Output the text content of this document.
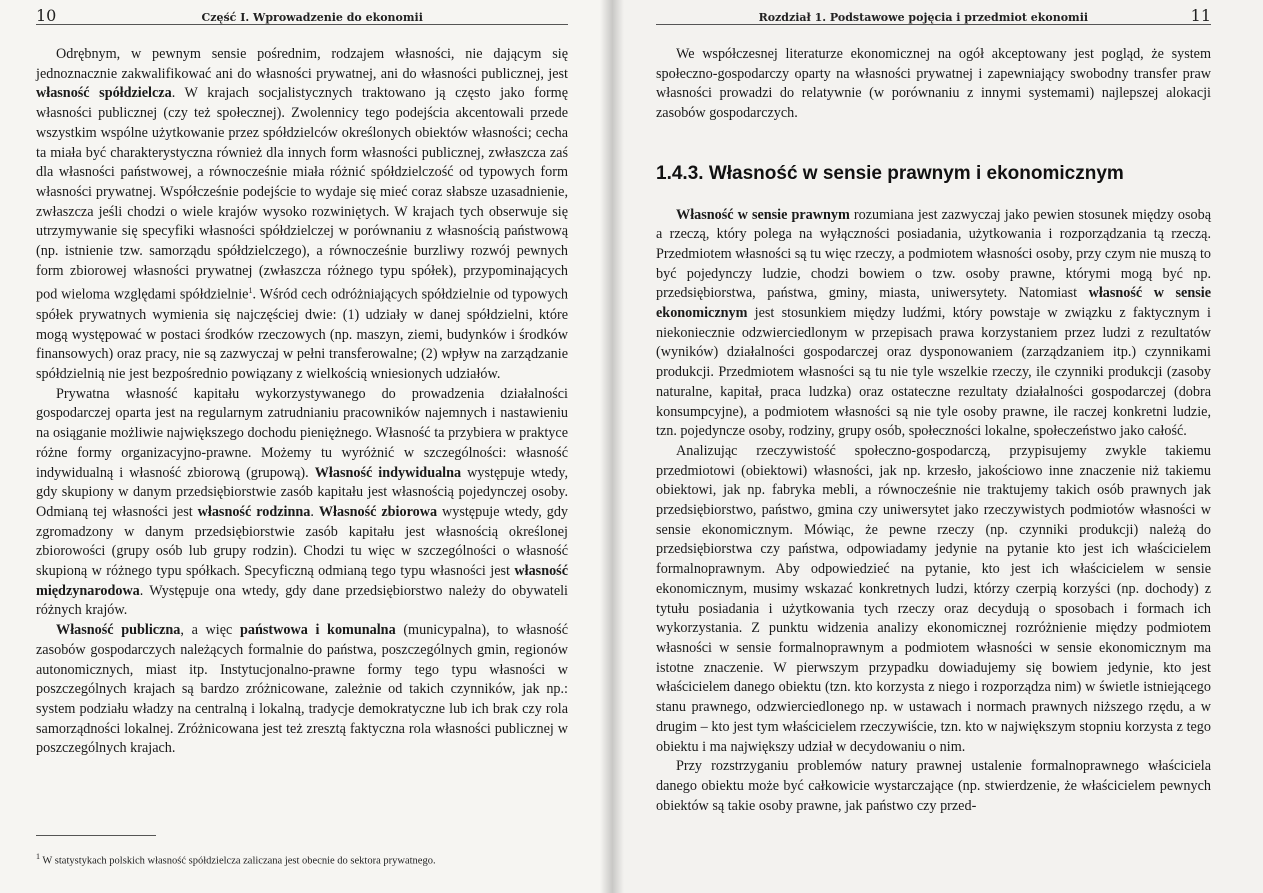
10	Część I. Wprowadzenie do ekonomii

Odrębnym, w pewnym sensie pośrednim, rodzajem własności, nie dającym się jednoznacznie zakwalifikować ani do własności prywatnej, ani do własności publicznej, jest własność spółdzielcza. W krajach socjalistycznych traktowano ją często jako formę własności publicznej (czy też społecznej). Zwolennicy tego podejścia akcentowali przede wszystkim wspólne użytkowanie przez spółdzielców określonych obiektów własności; cecha ta miała być charakterystyczna również dla innych form własności publicznej, zwłaszcza zaś dla własności państwowej, a równocześnie miała różnić spółdzielczość od typowych form własności prywatnej. Współcześnie podejście to wydaje się mieć coraz słabsze uzasadnienie, zwłaszcza jeśli chodzi o wiele krajów wysoko rozwiniętych. W krajach tych obserwuje się utrzymywanie się specyfiki własności spółdzielczej w porównaniu z własnością państwową (np. istnienie tzw. samorządu spółdzielczego), a równocześnie burzliwy rozwój pewnych form zbiorowej własności prywatnej (zwłaszcza różnego typu spółek), przypominających pod wieloma względami spółdzielnie$^1$. Wśród cech odróżniających spółdzielnie od typowych spółek prywatnych wymienia się najczęściej dwie: (1) udziały w danej spółdzielni, które mogą występować w postaci środków rzeczowych (np. maszyn, ziemi, budynków i środków finansowych) oraz pracy, nie są zazwyczaj w pełni transferowalne; (2) wpływ na zarządzanie spółdzielnią nie jest bezpośrednio powiązany z wielkością wniesionych udziałów.

Prywatna własność kapitału wykorzystywanego do prowadzenia działalności gospodarczej oparta jest na regularnym zatrudnianiu pracowników najemnych i nastawieniu na osiąganie możliwie największego dochodu pieniężnego. Własność ta przybiera w praktyce różne formy organizacyjno-prawne. Możemy tu wyróżnić w szczególności: własność indywidualną i własność zbiorową (grupową). Własność indywidualna występuje wtedy, gdy skupiony w danym przedsiębiorstwie zasób kapitału jest własnością pojedynczej osoby. Odmianą tej własności jest własność rodzinna. Własność zbiorowa występuje wtedy, gdy zgromadzony w danym przedsiębiorstwie zasób kapitału jest własnością określonej zbiorowości (grupy osób lub grupy rodzin). Chodzi tu więc w szczególności o własność skupioną w różnego typu spółkach. Specyficzną odmianą tego typu własności jest własność międzynarodowa. Występuje ona wtedy, gdy dane przedsiębiorstwo należy do obywateli różnych krajów.

Własność publiczna, a więc państwowa i komunalna (municypalna), to własność zasobów gospodarczych należących formalnie do państwa, poszczególnych gmin, regionów autonomicznych, miast itp. Instytucjonalno-prawne formy tego typu własności w poszczególnych krajach są bardzo zróżnicowane, zależnie od takich czynników, jak np.: system podziału władzy na centralną i lokalną, tradycje demokratyczne lub ich brak czy rola samorządności lokalnej. Zróżnicowana jest też zresztą faktyczna rola własności publicznej w poszczególnych krajach.

$^1$ W statystykach polskich własność spółdzielcza zaliczana jest obecnie do sektora prywatnego.
Rozdział 1. Podstawowe pojęcia i przedmiot ekonomii	11

We współczesnej literaturze ekonomicznej na ogół akceptowany jest pogląd, że system społeczno-gospodarczy oparty na własności prywatnej i zapewniający swobodny transfer praw własności prowadzi do relatywnie (w porównaniu z innymi systemami) najlepszej alokacji zasobów gospodarczych.

1.4.3. Własność w sensie prawnym i ekonomicznym

Własność w sensie prawnym rozumiana jest zazwyczaj jako pewien stosunek między osobą a rzeczą, który polega na wyłączności posiadania, użytkowania i rozporządzania tą rzeczą. Przedmiotem własności są tu więc rzeczy, a podmiotem własności osoby, przy czym nie muszą to być pojedynczy ludzie, chodzi bowiem o tzw. osoby prawne, którymi mogą być np. przedsiębiorstwa, państwa, gminy, miasta, uniwersytety. Natomiast własność w sensie ekonomicznym jest stosunkiem między ludźmi, który powstaje w związku z faktycznym i niekoniecznie odzwierciedlonym w przepisach prawa korzystaniem przez ludzi z rezultatów (wyników) działalności gospodarczej oraz dysponowaniem (zarządzaniem itp.) czynnikami produkcji. Przedmiotem własności są tu nie tyle wszelkie rzeczy, ile czynniki produkcji (zasoby naturalne, kapitał, praca ludzka) oraz ostateczne rezultaty działalności gospodarczej (dobra konsumpcyjne), a podmiotem własności są nie tyle osoby prawne, ile raczej konkretni ludzie, tzn. pojedyncze osoby, rodziny, grupy osób, społeczności lokalne, społeczeństwo jako całość.

Analizując rzeczywistość społeczno-gospodarczą, przypisujemy zwykle takiemu przedmiotowi (obiektowi) własności, jak np. krzesło, jakościowo inne znaczenie niż takiemu obiektowi, jak np. fabryka mebli, a równocześnie nie traktujemy takich osób prawnych jak przedsiębiorstwo, państwo, gmina czy uniwersytet jako rzeczywistych podmiotów własności w sensie ekonomicznym. Mówiąc, że pewne rzeczy (np. czynniki produkcji) należą do przedsiębiorstwa czy państwa, odpowiadamy jedynie na pytanie kto jest ich właścicielem formalnoprawnym. Aby odpowiedzieć na pytanie, kto jest ich właścicielem w sensie ekonomicznym, musimy wskazać konkretnych ludzi, którzy czerpią korzyści (np. dochody) z tytułu posiadania i użytkowania tych rzeczy oraz decydują o sposobach i formach ich wykorzystania. Z punktu widzenia analizy ekonomicznej rozróżnienie między podmiotem własności w sensie formalnoprawnym a podmiotem własności w sensie ekonomicznym ma istotne znaczenie. W pierwszym przypadku dowiadujemy się bowiem jedynie, kto jest właścicielem danego obiektu (tzn. kto korzysta z niego i rozporządza nim) w świetle istniejącego stanu prawnego, odzwierciedlonego np. w ustawach i normach prawnych niższego rzędu, a w drugim – kto jest tym właścicielem rzeczywiście, tzn. kto w największym stopniu korzysta z tego obiektu i ma największy udział w decydowaniu o nim.

Przy rozstrzyganiu problemów natury prawnej ustalenie formalnoprawnego właściciela danego obiektu może być całkowicie wystarczające (np. stwierdzenie, że właścicielem pewnych obiektów są takie osoby prawne, jak państwo czy przed-
